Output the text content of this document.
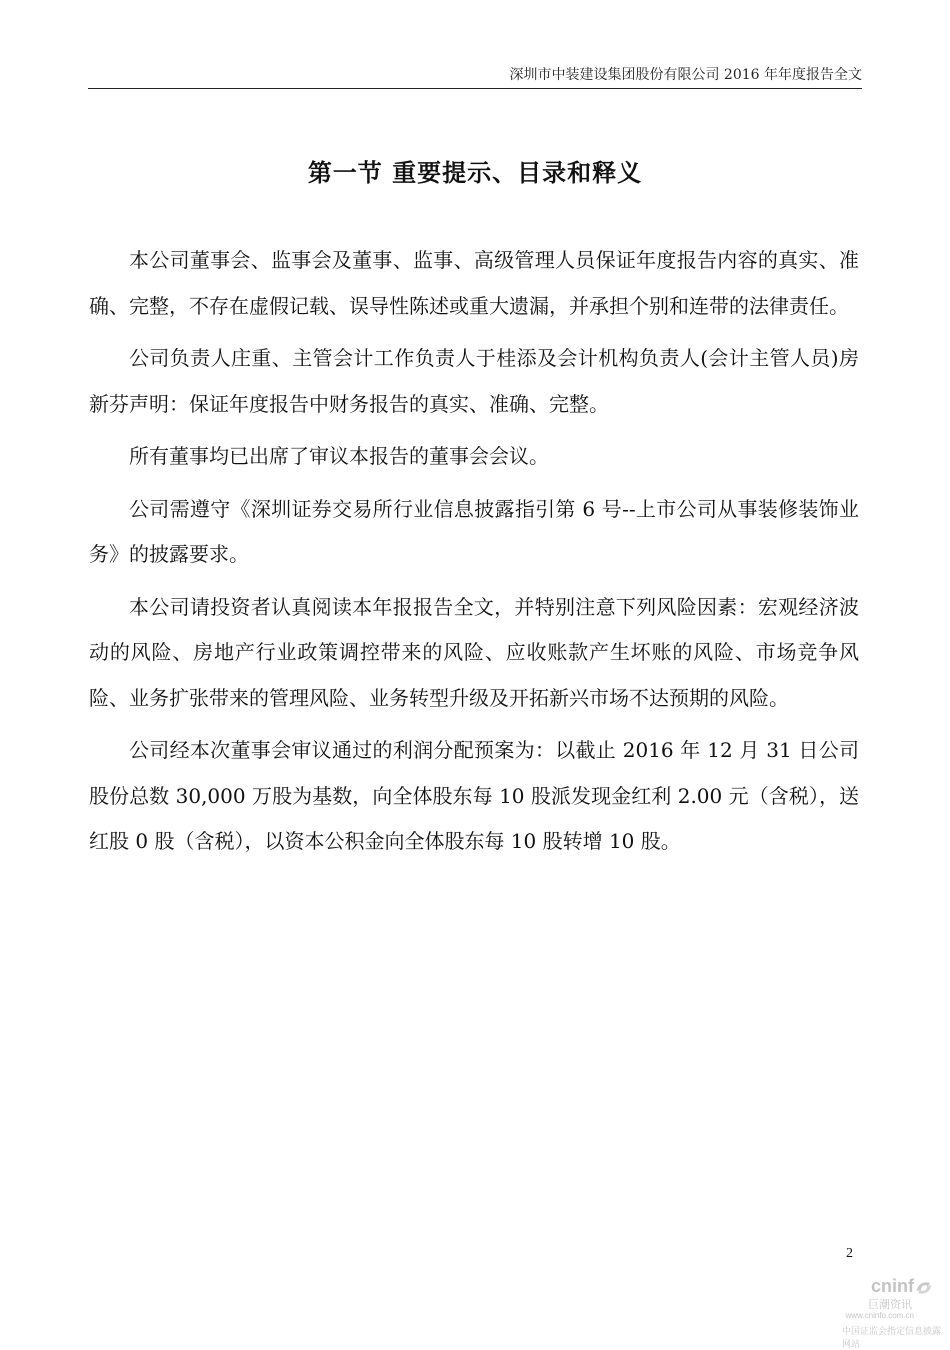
深圳市中装建设集团股份有限公司 2016 年年度报告全文
第一节 重要提示、目录和释义

本公司董事会、监事会及董事、监事、高级管理人员保证年度报告内容的真实、准确、完整，不存在虚假记载、误导性陈述或重大遗漏，并承担个别和连带的法律责任。

公司负责人庄重、主管会计工作负责人于桂添及会计机构负责人(会计主管人员)房新芬声明：保证年度报告中财务报告的真实、准确、完整。

所有董事均已出席了审议本报告的董事会会议。

公司需遵守《深圳证券交易所行业信息披露指引第 6 号--上市公司从事装修装饰业务》的披露要求。

本公司请投资者认真阅读本年报报告全文，并特别注意下列风险因素：宏观经济波动的风险、房地产行业政策调控带来的风险、应收账款产生坏账的风险、市场竞争风险、业务扩张带来的管理风险、业务转型升级及开拓新兴市场不达预期的风险。

公司经本次董事会审议通过的利润分配预案为：以截止 2016 年 12 月 31 日公司股份总数 30,000 万股为基数，向全体股东每 10 股派发现金红利 2.00 元（含税），送红股 0 股（含税），以资本公积金向全体股东每 10 股转增 10 股。

2
cninf
巨潮资讯
www.cninfo.com.cn
中国证监会指定信息披露网站
